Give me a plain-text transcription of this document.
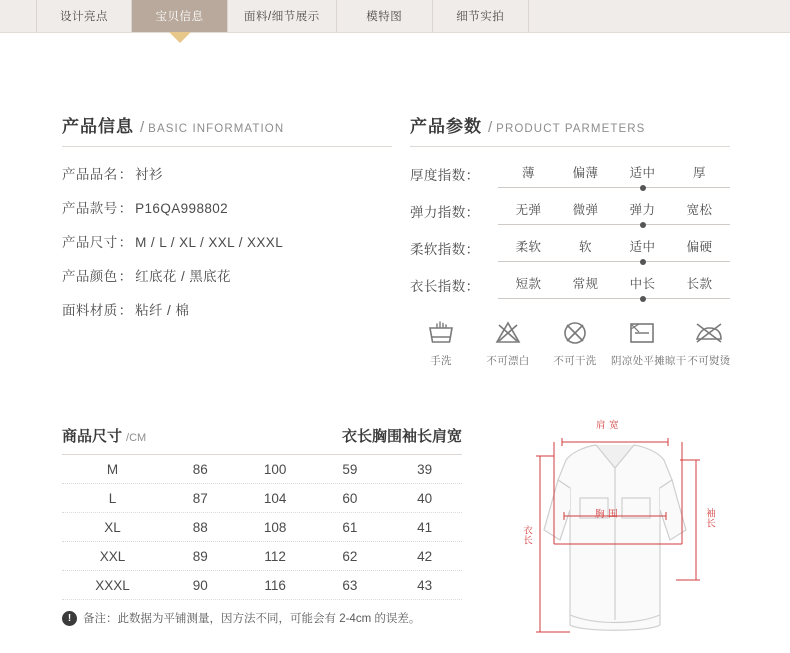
设计亮点	宝贝信息	面料/细节展示	模特图	细节实拍
产品信息 / BASIC INFORMATION
产品品名 ： 衬衫
产品款号 ： P16QA998802
产品尺寸 ： M / L / XL / XXL / XXXL
产品颜色 ： 红底花 / 黑底花
面料材质 ： 粘纤 / 棉
产品参数 / PRODUCT PARMETERS
厚度指数：	薄	偏薄	适中	厚
弹力指数：	无弹	微弹	弹力	宽松
柔软指数：	柔软	软	适中	偏硬
衣长指数：	短款	常规	中长	长款
手洗	不可漂白	不可干洗	阴凉处平摊晾干 不可熨烫
商品尺寸 /CM	衣长 胸围 袖长 肩宽
M	86	100	59	39
L	87	104	60	40
XL	88	108	61	41
XXL	89	112	62	42
XXXL	90	116	63	43
!	备注：此数据为平铺测量，因方法不同，可能会有 2-4cm 的误差。
肩 宽
胸 围
衣长
袖长
